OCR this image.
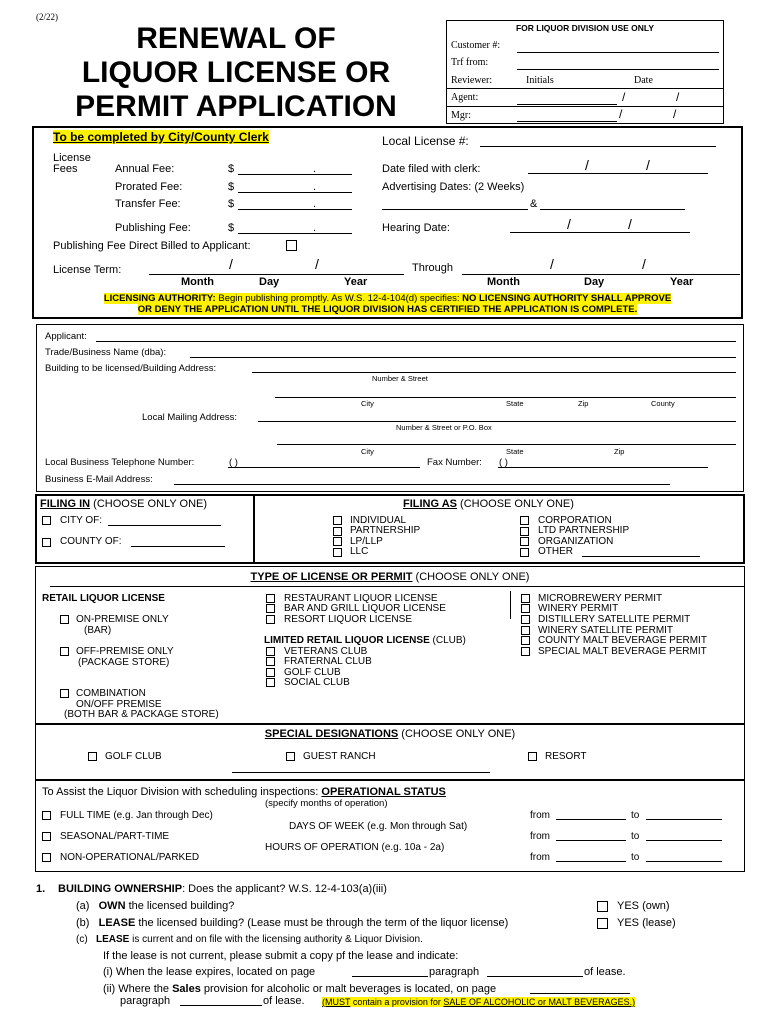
(2/22)
RENEWAL OF
LIQUOR LICENSE OR
PERMIT APPLICATION
FOR LIQUOR DIVISION USE ONLY
Customer #:
Trf from:
Reviewer:	Initials	Date
Agent:	/	/
Mgr:	/	/
To be completed by City/County Clerk	Local License #:
License
Fees	Annual Fee:	$	.
Prorated Fee:	$	.
Transfer Fee:	$	.
Publishing Fee:	$	.
Date filed with clerk:	/	/
Advertising Dates: (2 Weeks)
&
Hearing Date:	/	/
Publishing Fee Direct Billed to Applicant:
License Term:	/	/	Through	/	/
Month	Day	Year	Month	Day	Year
LICENSING AUTHORITY: Begin publishing promptly. As W.S. 12-4-104(d) specifies: NO LICENSING AUTHORITY SHALL APPROVE
OR DENY THE APPLICATION UNTIL THE LIQUOR DIVISION HAS CERTIFIED THE APPLICATION IS COMPLETE.
Applicant:
Trade/Business Name (dba):
Building to be licensed/Building Address:
Number & Street
City	State	Zip	County
Local Mailing Address:
Number & Street or P.O. Box
City	State	Zip
Local Business Telephone Number:	( )	Fax Number: ( )
Business E-Mail Address:
FILING IN (CHOOSE ONLY ONE)
CITY OF:
COUNTY OF:
FILING AS (CHOOSE ONLY ONE)
INDIVIDUAL
PARTNERSHIP
LP/LLP
LLC
CORPORATION
LTD PARTNERSHIP
ORGANIZATION
OTHER
TYPE OF LICENSE OR PERMIT (CHOOSE ONLY ONE)
RETAIL LIQUOR LICENSE
ON-PREMISE ONLY
(BAR)
OFF-PREMISE ONLY
(PACKAGE STORE)
COMBINATION
ON/OFF PREMISE
(BOTH BAR & PACKAGE STORE)
RESTAURANT LIQUOR LICENSE
BAR AND GRILL LIQUOR LICENSE
RESORT LIQUOR LICENSE
LIMITED RETAIL LIQUOR LICENSE (CLUB)
VETERANS CLUB
FRATERNAL CLUB
GOLF CLUB
SOCIAL CLUB
MICROBREWERY PERMIT
WINERY PERMIT
DISTILLERY SATELLITE PERMIT
WINERY SATELLITE PERMIT
COUNTY MALT BEVERAGE PERMIT
SPECIAL MALT BEVERAGE PERMIT
SPECIAL DESIGNATIONS (CHOOSE ONLY ONE)
GOLF CLUB	GUEST RANCH	RESORT
To Assist the Liquor Division with scheduling inspections: OPERATIONAL STATUS
(specify months of operation)
FULL TIME (e.g. Jan through Dec)
SEASONAL/PART-TIME
NON-OPERATIONAL/PARKED
DAYS OF WEEK (e.g. Mon through Sat)
HOURS OF OPERATION (e.g. 10a - 2a)
from	to
from	to
from	to
1. BUILDING OWNERSHIP: Does the applicant? W.S. 12-4-103(a)(iii)
(a) OWN the licensed building?	YES (own)
(b) LEASE the licensed building? (Lease must be through the term of the liquor license)	YES (lease)
(c) LEASE is current and on file with the licensing authority & Liquor Division.
If the lease is not current, please submit a copy pf the lease and indicate:
(i) When the lease expires, located on page	paragraph	of lease.
(ii) Where the Sales provision for alcoholic or malt beverages is located, on page
paragraph	of lease. (MUST contain a provision for SALE OF ALCOHOLIC or MALT BEVERAGES.)
